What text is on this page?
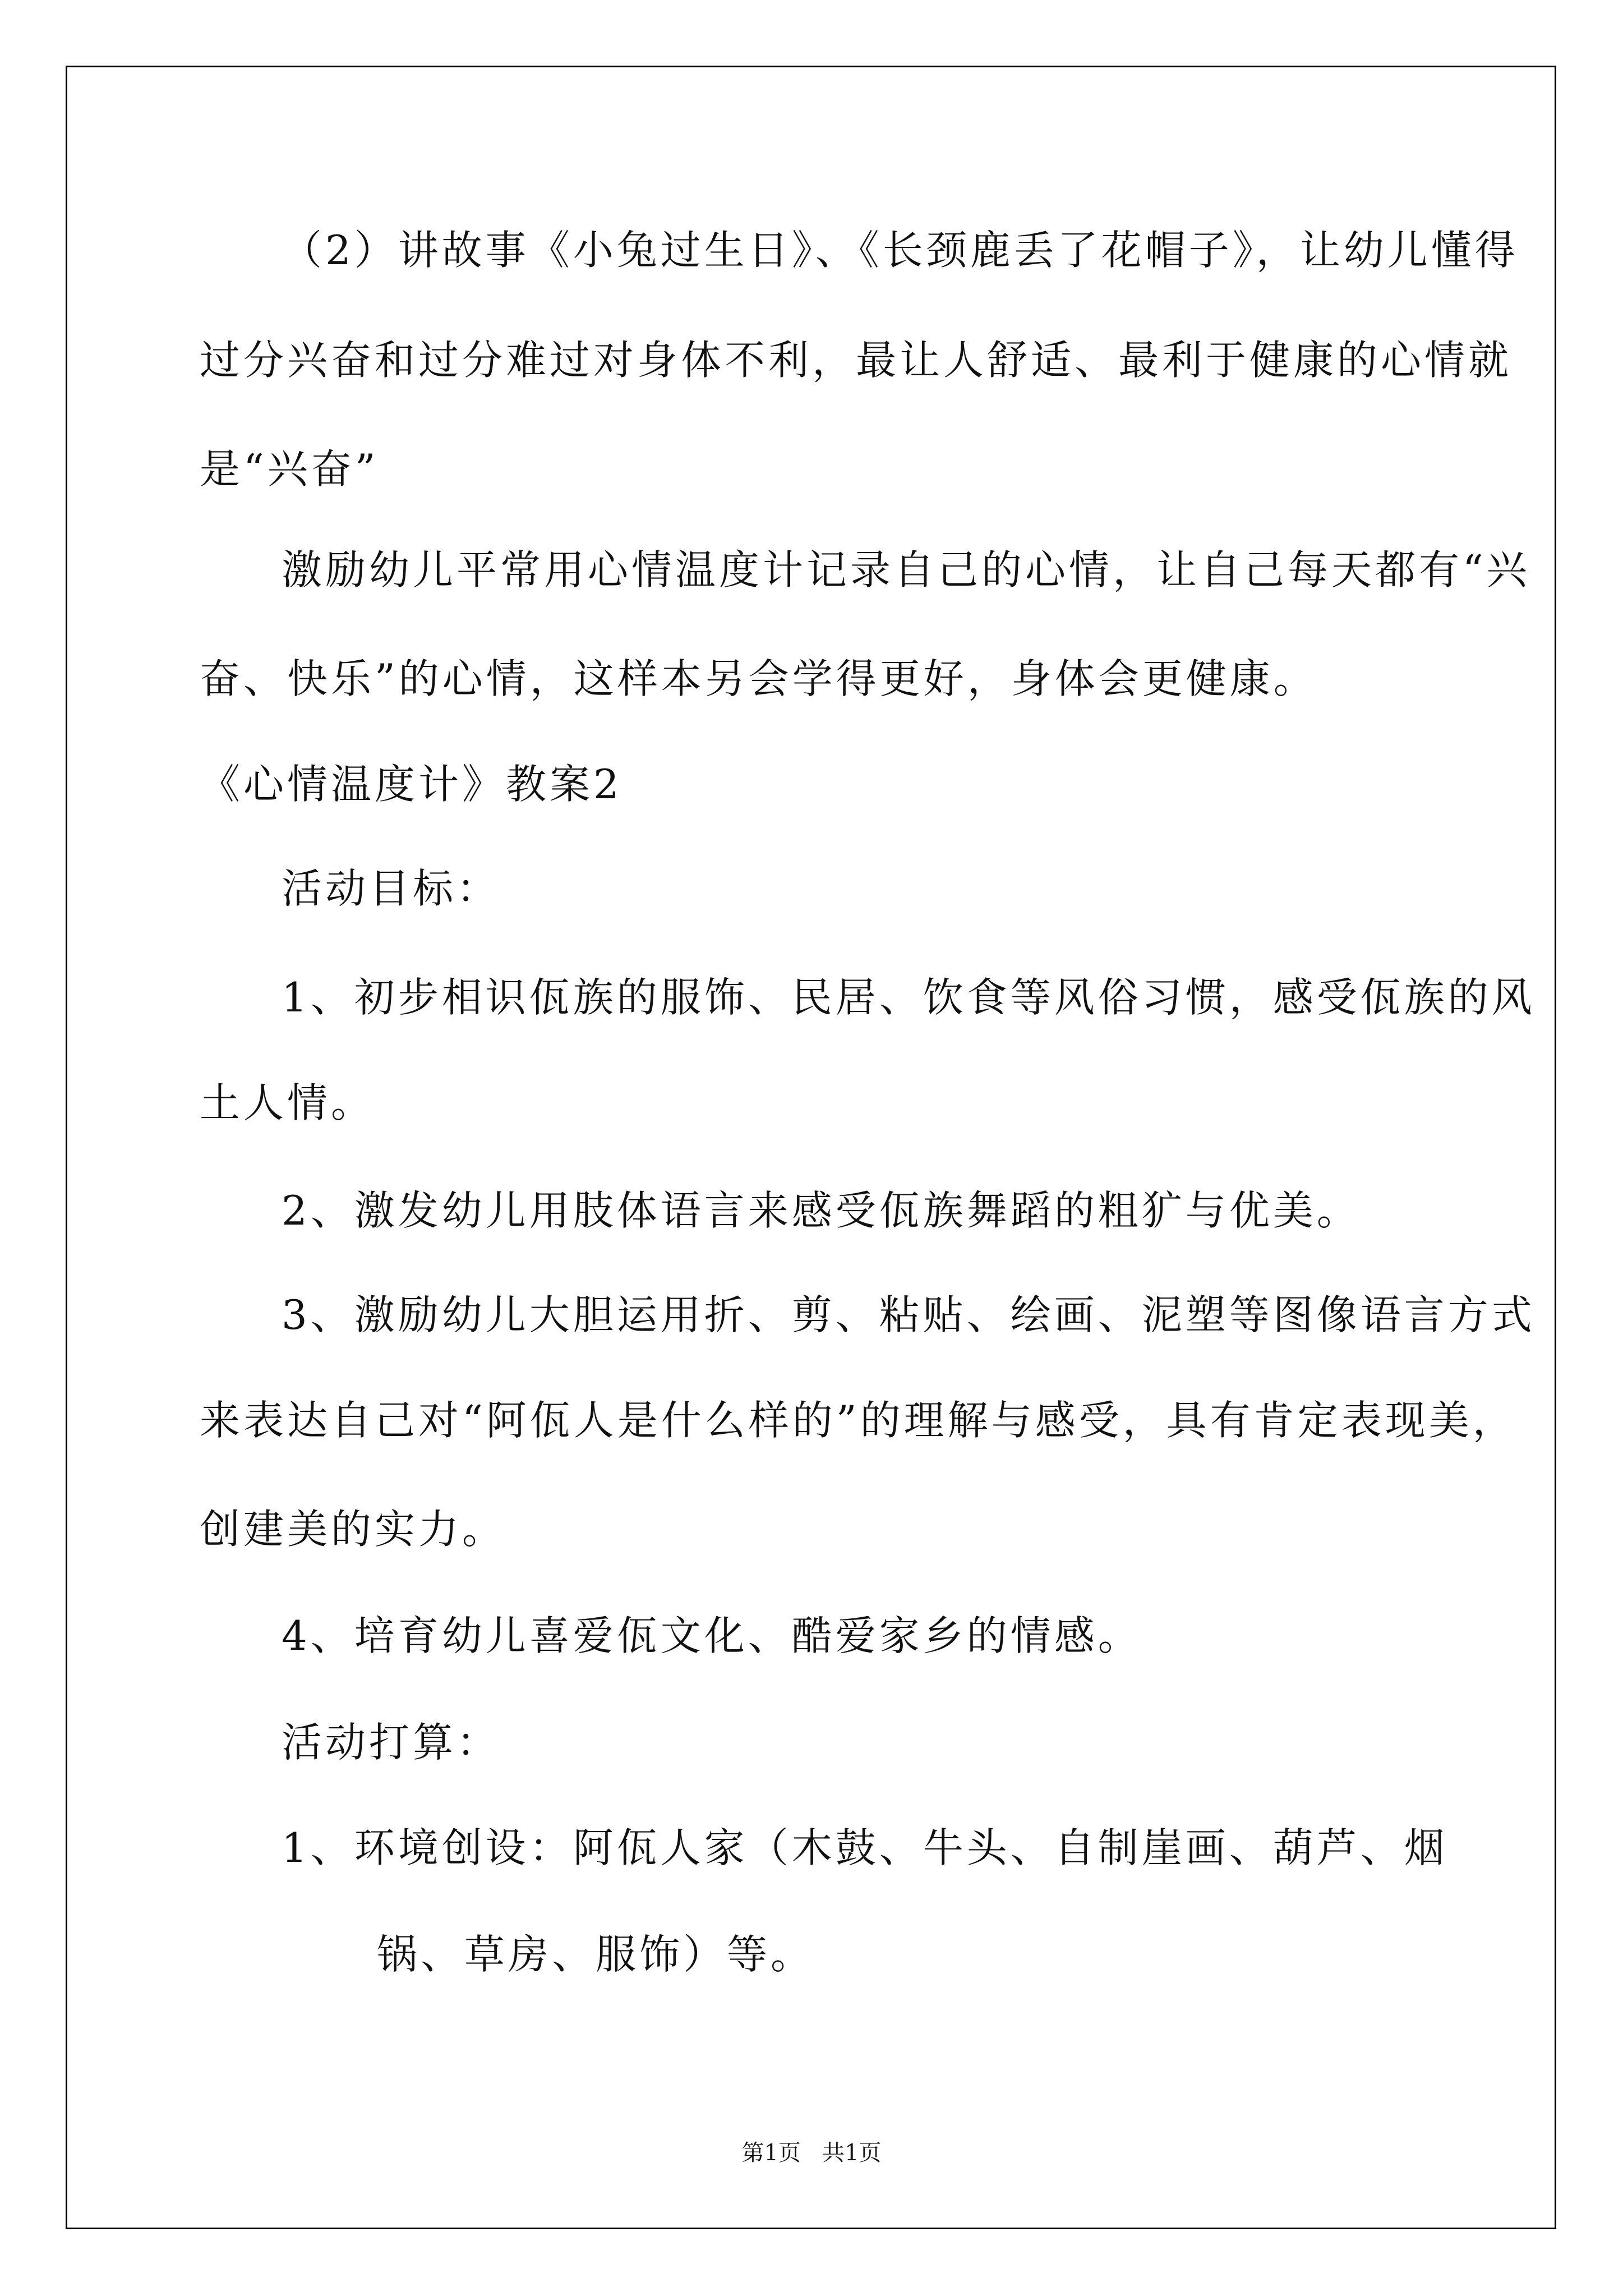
（2）讲故事《小兔过生日》、《长颈鹿丢了花帽子》，让幼儿懂得
过分兴奋和过分难过对身体不利，最让人舒适、最利于健康的心情就
是“兴奋”
激励幼儿平常用心情温度计记录自己的心情，让自己每天都有“兴
奋、快乐”的心情，这样本另会学得更好，身体会更健康。
《心情温度计》教案2
活动目标：
1、初步相识佤族的服饰、民居、饮食等风俗习惯，感受佤族的风
土人情。
2、激发幼儿用肢体语言来感受佤族舞蹈的粗犷与优美。
3、激励幼儿大胆运用折、剪、粘贴、绘画、泥塑等图像语言方式
来表达自己对“阿佤人是什么样的”的理解与感受，具有肯定表现美，
创建美的实力。
4、培育幼儿喜爱佤文化、酷爱家乡的情感。
活动打算：
1、环境创设：阿佤人家（木鼓、牛头、自制崖画、葫芦、烟
锅、草房、服饰）等。
第1页   共1页
